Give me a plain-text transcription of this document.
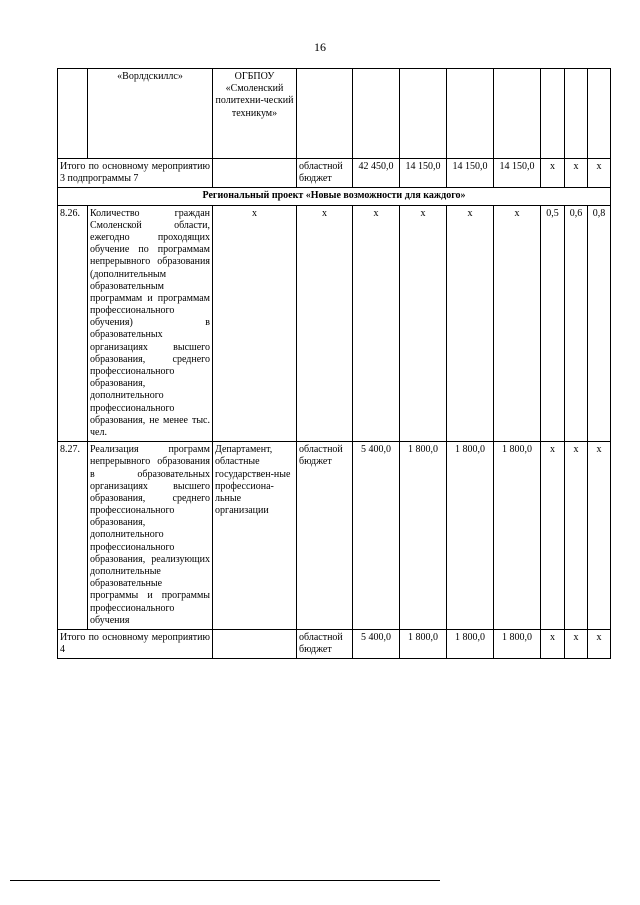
16
	«Ворлдскиллс»	ОГБПОУ «Смоленский политехни-ческий техникум»								
Итого по основному мероприятию 3 подпрограммы 7			областной бюджет	42 450,0	14 150,0	14 150,0	14 150,0	x	x	x
Региональный проект «Новые возможности для каждого»										
8.26.	Количество граждан Смоленской области, ежегодно проходящих обучение по программам непрерывного образования (дополнительным образовательным программам и программам профессионального обучения) в образовательных организациях высшего образования, среднего профессионального образования, дополнительного профессионального образования, не менее тыс. чел.	x	x	x	x	x	x	0,5	0,6	0,8
8.27.	Реализация программ непрерывного образования в образовательных организациях высшего образования, среднего профессионального образования, дополнительного профессионального образования, реализующих дополнительные образовательные программы и программы профессионального обучения	Департамент, областные государствен-ные профессиона-льные организации	областной бюджет	5 400,0	1 800,0	1 800,0	1 800,0	x	x	x
Итого по основному мероприятию 4			областной бюджет	5 400,0	1 800,0	1 800,0	1 800,0	x	x	x
